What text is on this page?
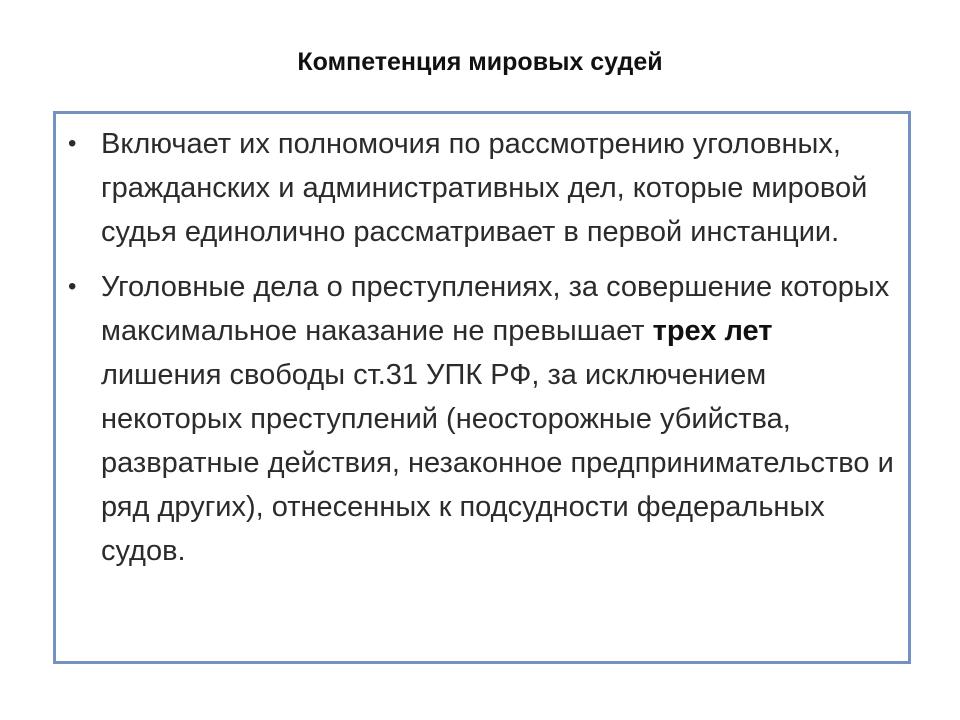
Компетенция мировых судей
• Включает их полномочия по рассмотрению уголовных, гражданских и административных дел, которые мировой судья единолично рассматривает в первой инстанции.
• Уголовные дела о преступлениях, за совершение которых максимальное наказание не превышает трех лет лишения свободы ст.31 УПК РФ, за исключением некоторых преступлений (неосторожные убийства, развратные действия, незаконное предпринимательство и ряд других), отнесенных к подсудности федеральных судов.
